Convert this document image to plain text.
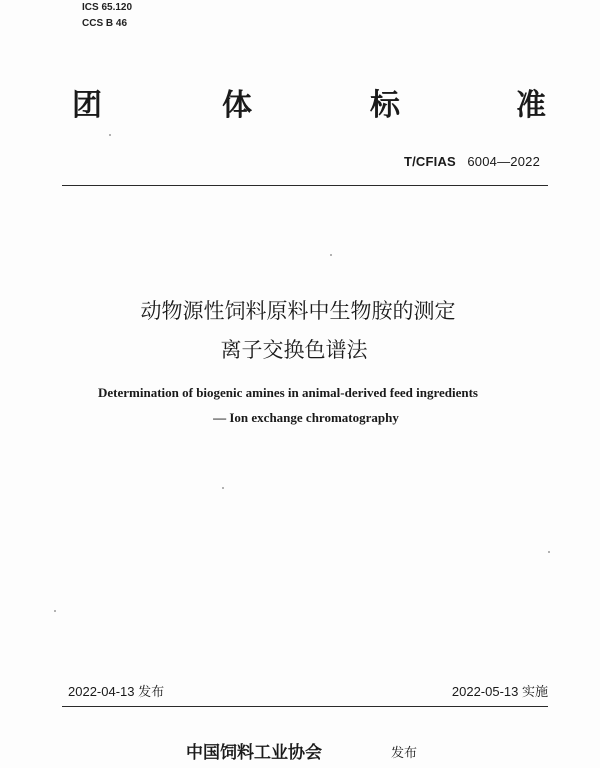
ICS 65.120
CCS B 46
团	体	标	准
T/CFIAS 6004—2022
动物源性饲料原料中生物胺的测定
离子交换色谱法
Determination of biogenic amines in animal-derived feed ingredients
— Ion exchange chromatography
2022-04-13 发布	2022-05-13 实施
中国饲料工业协会	发布
